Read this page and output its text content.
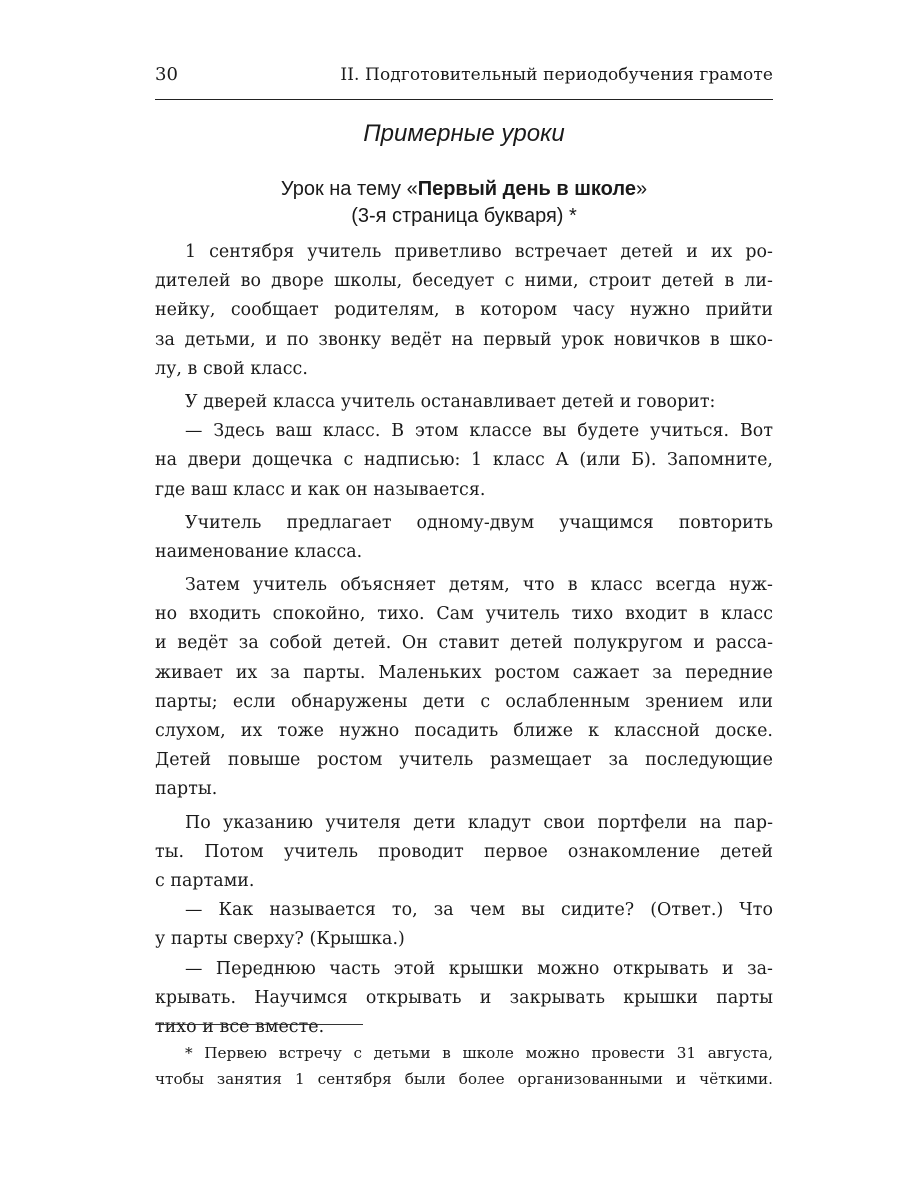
30	II. Подготовительный периодобучения грамоте
Примерные уроки
Урок на тему «Первый день в школе»
(3-я страница букваря) *
1 сентября учитель приветливо встречает детей и их ро-
дителей во дворе школы, беседует с ними, строит детей в ли-
нейку, сообщает родителям, в котором часу нужно прийти
за детьми, и по звонку ведёт на первый урок новичков в шко-
лу, в свой класс.
У дверей класса учитель останавливает детей и говорит:
— Здесь ваш класс. В этом классе вы будете учиться. Вот
на двери дощечка с надписью: 1 класс А (или Б). Запомните,
где ваш класс и как он называется.
Учитель предлагает одному-двум учащимся повторить
наименование класса.
Затем учитель объясняет детям, что в класс всегда нуж-
но входить спокойно, тихо. Сам учитель тихо входит в класс
и ведёт за собой детей. Он ставит детей полукругом и расса-
живает их за парты. Маленьких ростом сажает за передние
парты; если обнаружены дети с ослабленным зрением или
слухом, их тоже нужно посадить ближе к классной доске.
Детей повыше ростом учитель размещает за последующие
парты.
По указанию учителя дети кладут свои портфели на пар-
ты. Потом учитель проводит первое ознакомление детей
с партами.
— Как называется то, за чем вы сидите? (Ответ.) Что
у парты сверху? (Крышка.)
— Переднюю часть этой крышки можно открывать и за-
крывать. Научимся открывать и закрывать крышки парты
тихо и все вместе.
* Первею встречу с детьми в школе можно провести 31 августа,
чтобы занятия 1 сентября были более организованными и чёткими.
